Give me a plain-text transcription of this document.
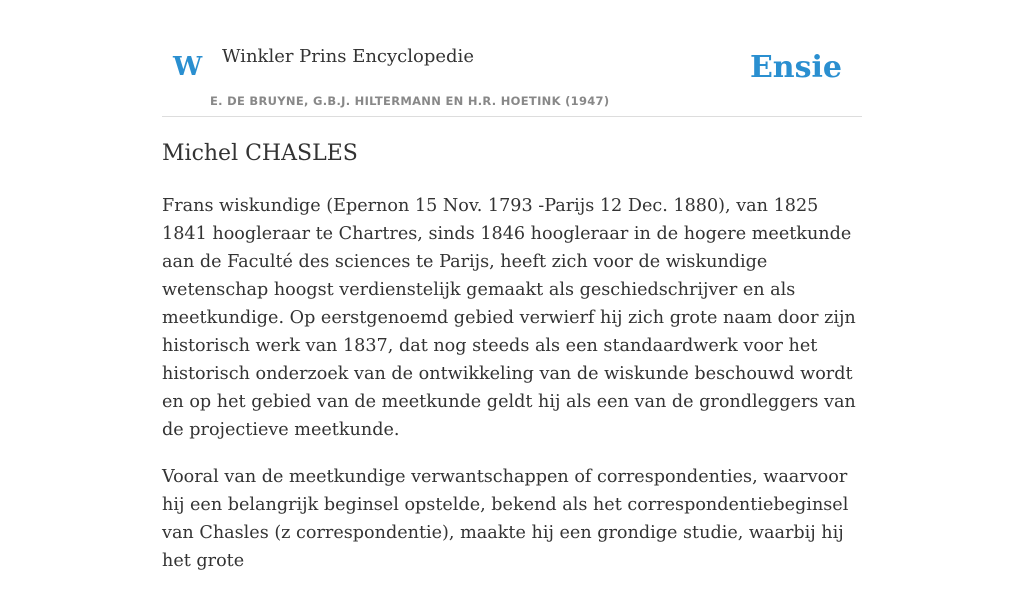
W Winkler Prins Encyclopedie
E. DE BRUYNE, G.B.J. HILTERMANN EN H.R. HOETINK (1947)
Ensie
Michel CHASLES

Frans wiskundige (Epernon 15 Nov. 1793 -Parijs 12 Dec. 1880), van 1825 1841 hoogleraar te Chartres, sinds 1846 hoogleraar in de hogere meetkunde aan de Faculté des sciences te Parijs, heeft zich voor de wiskundige wetenschap hoogst verdienstelijk gemaakt als geschiedschrijver en als meetkundige. Op eerstgenoemd gebied verwierf hij zich grote naam door zijn historisch werk van 1837, dat nog steeds als een standaardwerk voor het historisch onderzoek van de ontwikkeling van de wiskunde beschouwd wordt en op het gebied van de meetkunde geldt hij als een van de grondleggers van de projectieve meetkunde.

Vooral van de meetkundige verwantschappen of correspondenties, waarvoor hij een belangrijk beginsel opstelde, bekend als het correspondentiebeginsel van Chasles (z correspondentie), maakte hij een grondige studie, waarbij hij het grote
